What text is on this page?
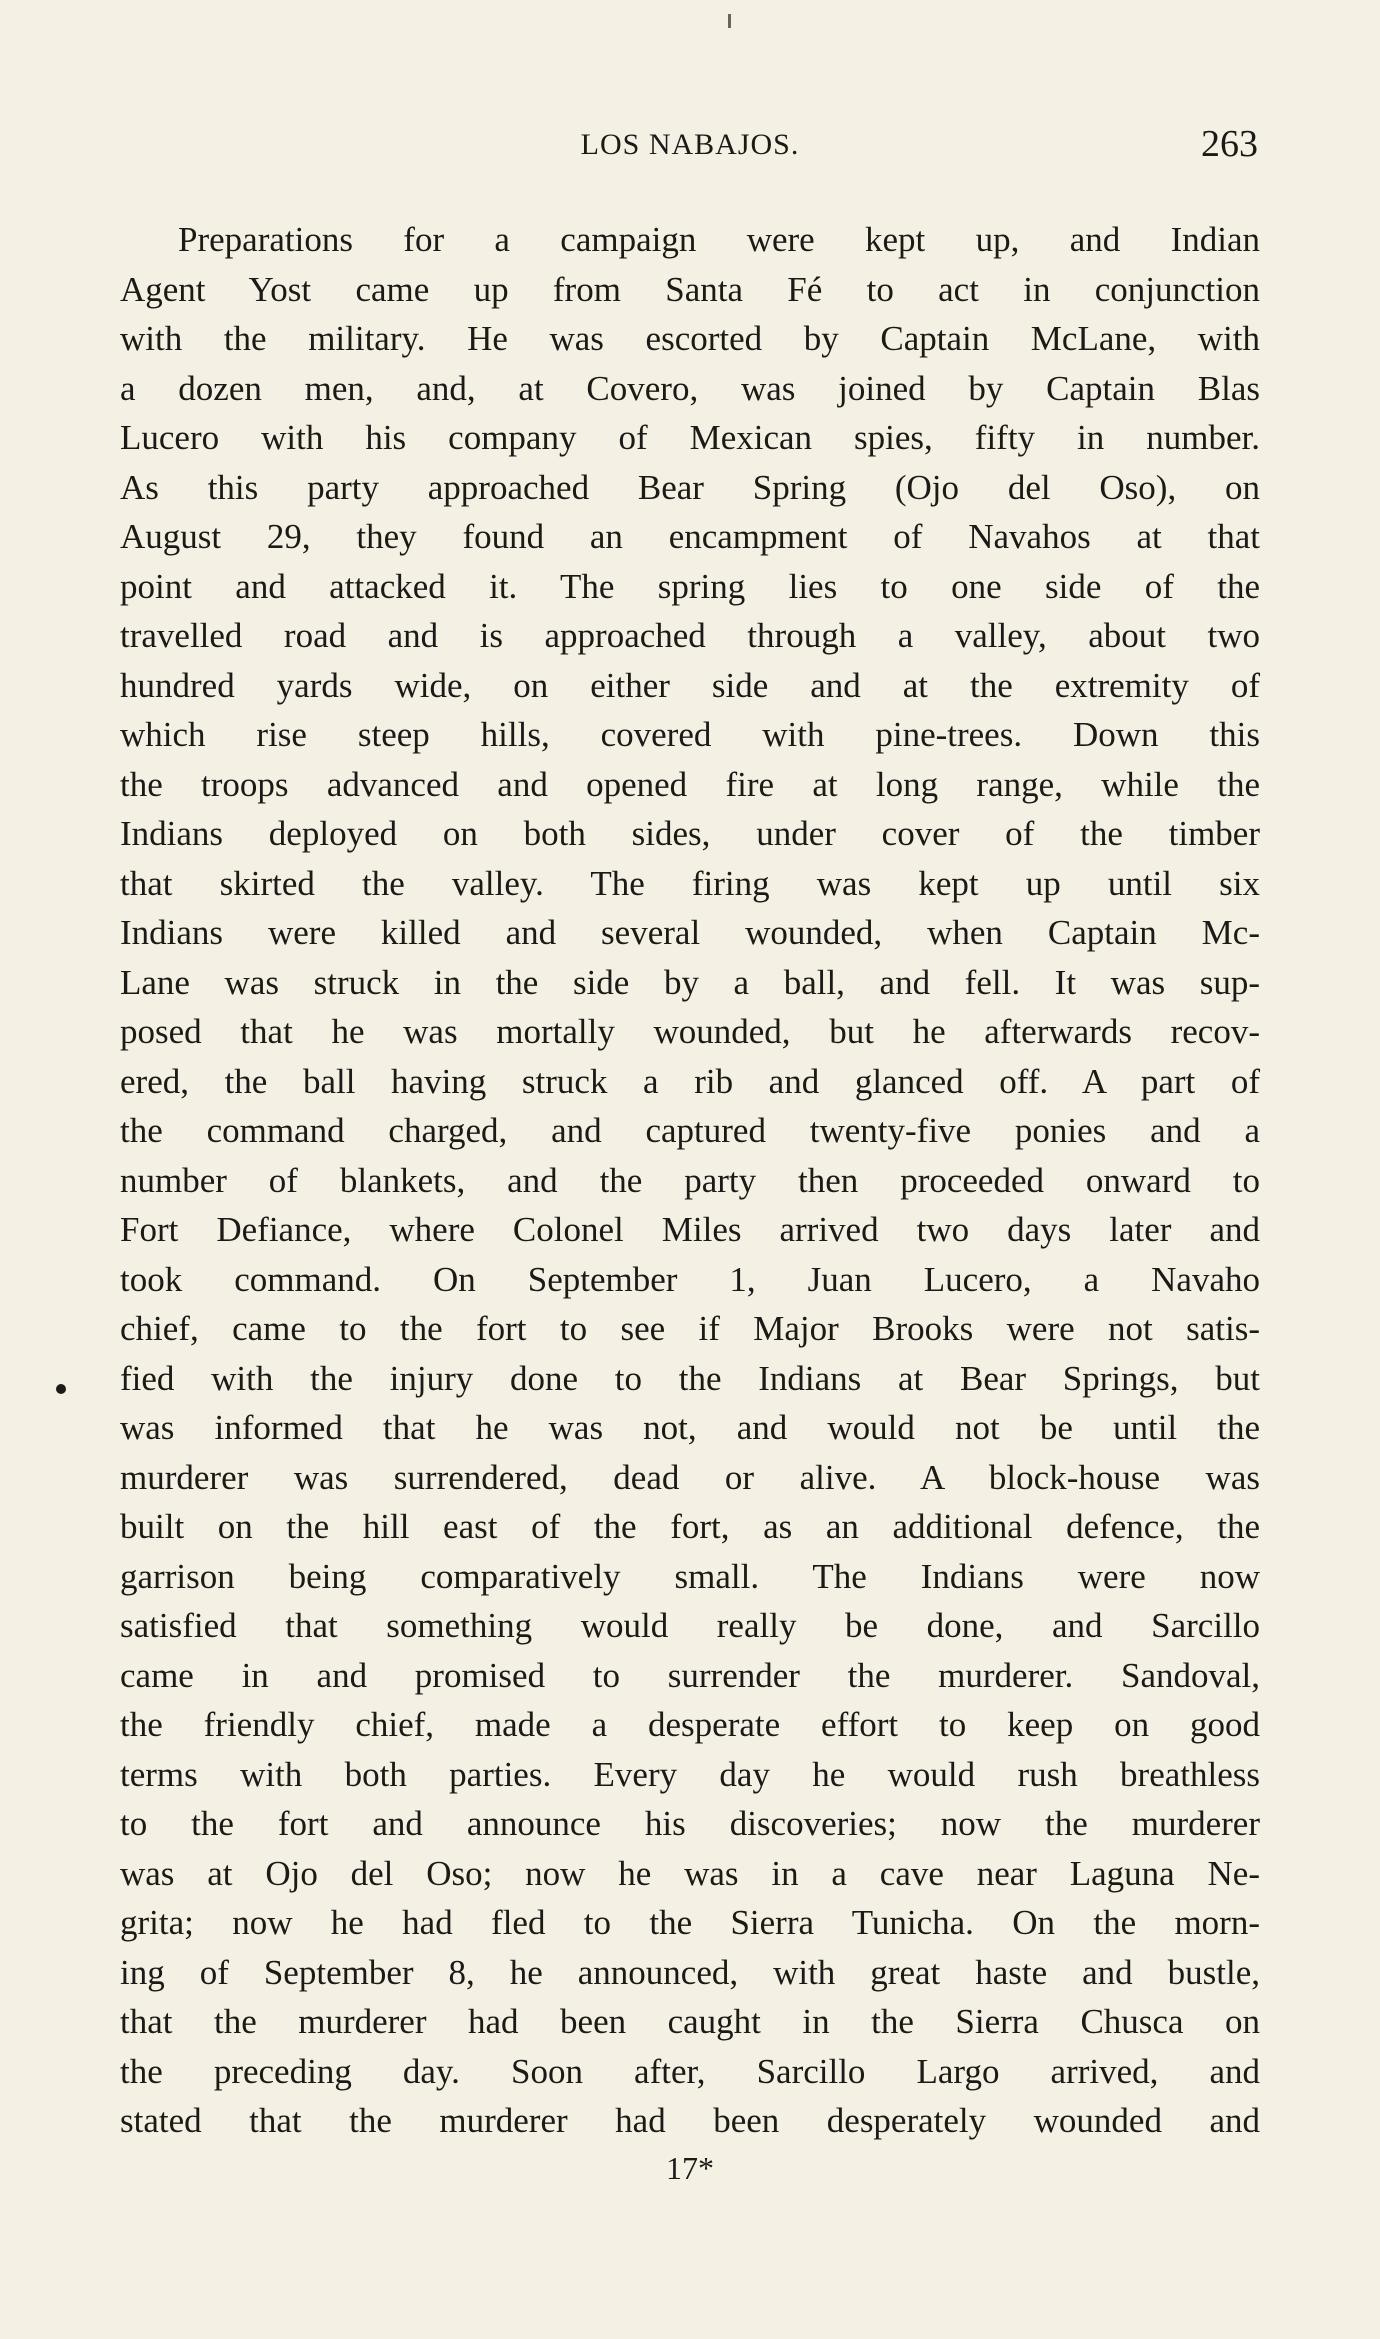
LOS NABAJOS.	263
Preparations for a campaign were kept up, and Indian
Agent Yost came up from Santa Fé to act in conjunction
with the military. He was escorted by Captain McLane, with
a dozen men, and, at Covero, was joined by Captain Blas
Lucero with his company of Mexican spies, fifty in number.
As this party approached Bear Spring (Ojo del Oso), on
August 29, they found an encampment of Navahos at that
point and attacked it. The spring lies to one side of the
travelled road and is approached through a valley, about two
hundred yards wide, on either side and at the extremity of
which rise steep hills, covered with pine-trees. Down this
the troops advanced and opened fire at long range, while the
Indians deployed on both sides, under cover of the timber
that skirted the valley. The firing was kept up until six
Indians were killed and several wounded, when Captain Mc-
Lane was struck in the side by a ball, and fell. It was sup-
posed that he was mortally wounded, but he afterwards recov-
ered, the ball having struck a rib and glanced off. A part of
the command charged, and captured twenty-five ponies and a
number of blankets, and the party then proceeded onward to
Fort Defiance, where Colonel Miles arrived two days later and
took command. On September 1, Juan Lucero, a Navaho
chief, came to the fort to see if Major Brooks were not satis-
fied with the injury done to the Indians at Bear Springs, but
was informed that he was not, and would not be until the
murderer was surrendered, dead or alive. A block-house was
built on the hill east of the fort, as an additional defence, the
garrison being comparatively small. The Indians were now
satisfied that something would really be done, and Sarcillo
came in and promised to surrender the murderer. Sandoval,
the friendly chief, made a desperate effort to keep on good
terms with both parties. Every day he would rush breathless
to the fort and announce his discoveries; now the murderer
was at Ojo del Oso; now he was in a cave near Laguna Ne-
grita; now he had fled to the Sierra Tunicha. On the morn-
ing of September 8, he announced, with great haste and bustle,
that the murderer had been caught in the Sierra Chusca on
the preceding day. Soon after, Sarcillo Largo arrived, and
stated that the murderer had been desperately wounded and
17*
